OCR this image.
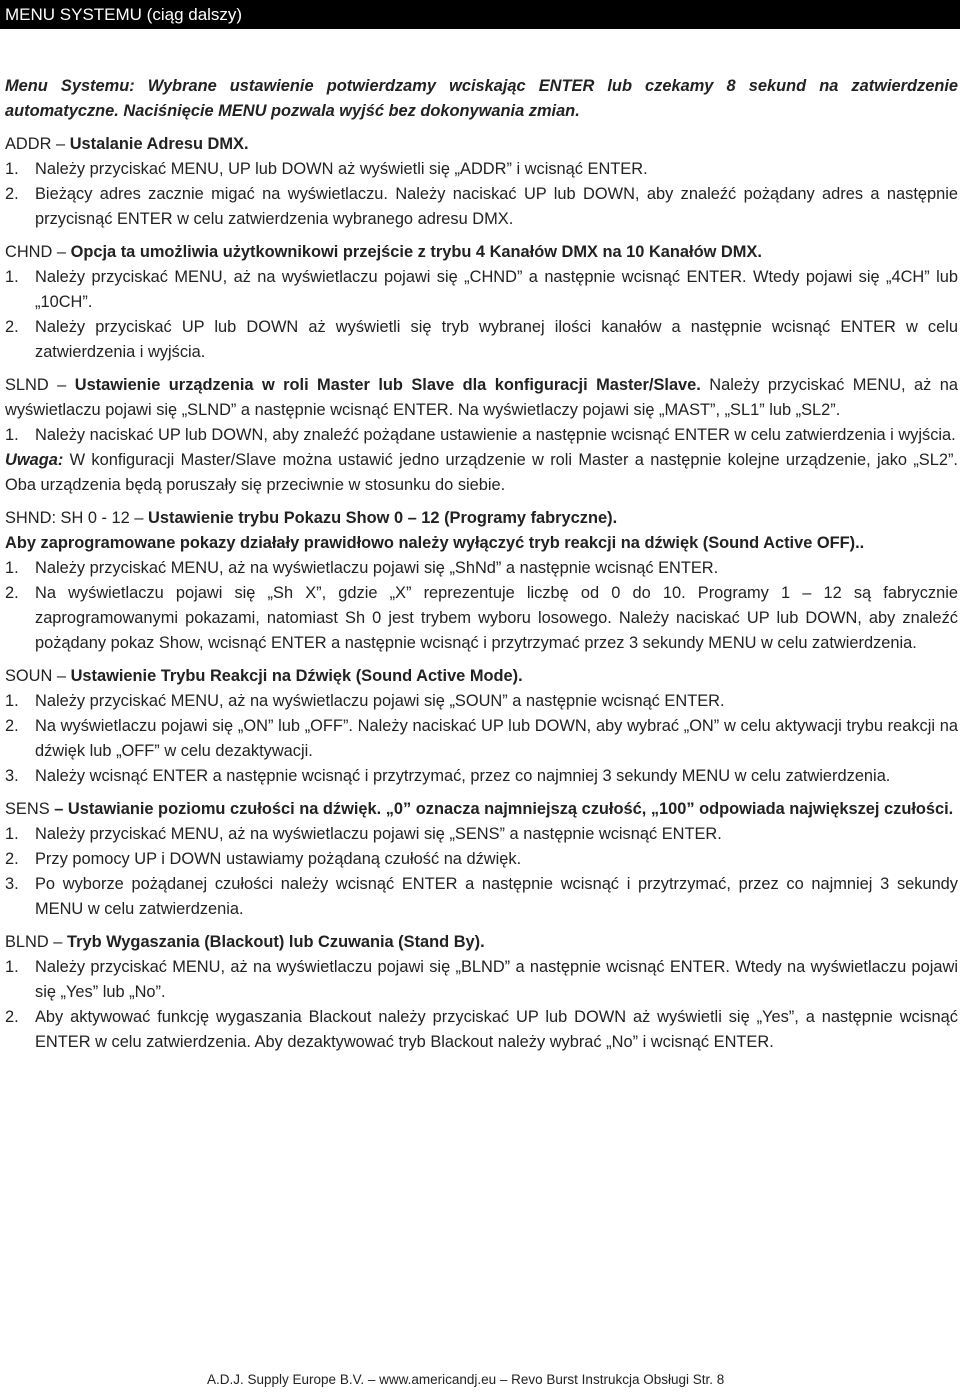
MENU SYSTEMU (ciąg dalszy)

Menu Systemu: Wybrane ustawienie potwierdzamy wciskając ENTER lub czekamy 8 sekund na zatwierdzenie automatyczne. Naciśnięcie MENU pozwala wyjść bez dokonywania zmian.

ADDR – Ustalanie Adresu DMX.

1. Należy przyciskać MENU, UP lub DOWN aż wyświetli się „ADDR” i wcisnąć ENTER.

2. Bieżący adres zacznie migać na wyświetlaczu. Należy naciskać UP lub DOWN, aby znaleźć pożądany adres a następnie przycisnąć ENTER w celu zatwierdzenia wybranego adresu DMX.

CHND – Opcja ta umożliwia użytkownikowi przejście z trybu 4 Kanałów DMX na 10 Kanałów DMX.

1. Należy przyciskać MENU, aż na wyświetlaczu pojawi się „CHND” a następnie wcisnąć ENTER. Wtedy pojawi się „4CH” lub „10CH”.

2. Należy przyciskać UP lub DOWN aż wyświetli się tryb wybranej ilości kanałów a następnie wcisnąć ENTER w celu zatwierdzenia i wyjścia.

SLND – Ustawienie urządzenia w roli Master lub Slave dla konfiguracji Master/Slave. Należy przyciskać MENU, aż na wyświetlaczu pojawi się „SLND” a następnie wcisnąć ENTER. Na wyświetlaczy pojawi się „MAST”, „SL1” lub „SL2”.

1. Należy naciskać UP lub DOWN, aby znaleźć pożądane ustawienie a następnie wcisnąć ENTER w celu zatwierdzenia i wyjścia.

Uwaga: W konfiguracji Master/Slave można ustawić jedno urządzenie w roli Master a następnie kolejne urządzenie, jako „SL2”. Oba urządzenia będą poruszały się przeciwnie w stosunku do siebie.

SHND: SH 0 - 12 – Ustawienie trybu Pokazu Show 0 – 12 (Programy fabryczne).

Aby zaprogramowane pokazy działały prawidłowo należy wyłączyć tryb reakcji na dźwięk (Sound Active OFF)..

1. Należy przyciskać MENU, aż na wyświetlaczu pojawi się „ShNd” a następnie wcisnąć ENTER.

2. Na wyświetlaczu pojawi się „Sh X”, gdzie „X” reprezentuje liczbę od 0 do 10. Programy 1 – 12 są fabrycznie zaprogramowanymi pokazami, natomiast Sh 0 jest trybem wyboru losowego. Należy naciskać UP lub DOWN, aby znaleźć pożądany pokaz Show, wcisnąć ENTER a następnie wcisnąć i przytrzymać przez 3 sekundy MENU w celu zatwierdzenia.

SOUN – Ustawienie Trybu Reakcji na Dźwięk (Sound Active Mode).

1. Należy przyciskać MENU, aż na wyświetlaczu pojawi się „SOUN” a następnie wcisnąć ENTER.

2. Na wyświetlaczu pojawi się „ON” lub „OFF”. Należy naciskać UP lub DOWN, aby wybrać „ON” w celu aktywacji trybu reakcji na dźwięk lub „OFF” w celu dezaktywacji.

3. Należy wcisnąć ENTER a następnie wcisnąć i przytrzymać, przez co najmniej 3 sekundy MENU w celu zatwierdzenia.

SENS – Ustawianie poziomu czułości na dźwięk. „0” oznacza najmniejszą czułość, „100” odpowiada największej czułości.

1. Należy przyciskać MENU, aż na wyświetlaczu pojawi się „SENS” a następnie wcisnąć ENTER.

2. Przy pomocy UP i DOWN ustawiamy pożądaną czułość na dźwięk.

3. Po wyborze pożądanej czułości należy wcisnąć ENTER a następnie wcisnąć i przytrzymać, przez co najmniej 3 sekundy MENU w celu zatwierdzenia.

BLND – Tryb Wygaszania (Blackout) lub Czuwania (Stand By).

1. Należy przyciskać MENU, aż na wyświetlaczu pojawi się „BLND” a następnie wcisnąć ENTER. Wtedy na wyświetlaczu pojawi się „Yes” lub „No”.

2. Aby aktywować funkcję wygaszania Blackout należy przyciskać UP lub DOWN aż wyświetli się „Yes”, a następnie wcisnąć ENTER w celu zatwierdzenia. Aby dezaktywować tryb Blackout należy wybrać „No” i wcisnąć ENTER.

A.D.J. Supply Europe B.V. – www.americandj.eu – Revo Burst Instrukcja Obsługi Str. 8
